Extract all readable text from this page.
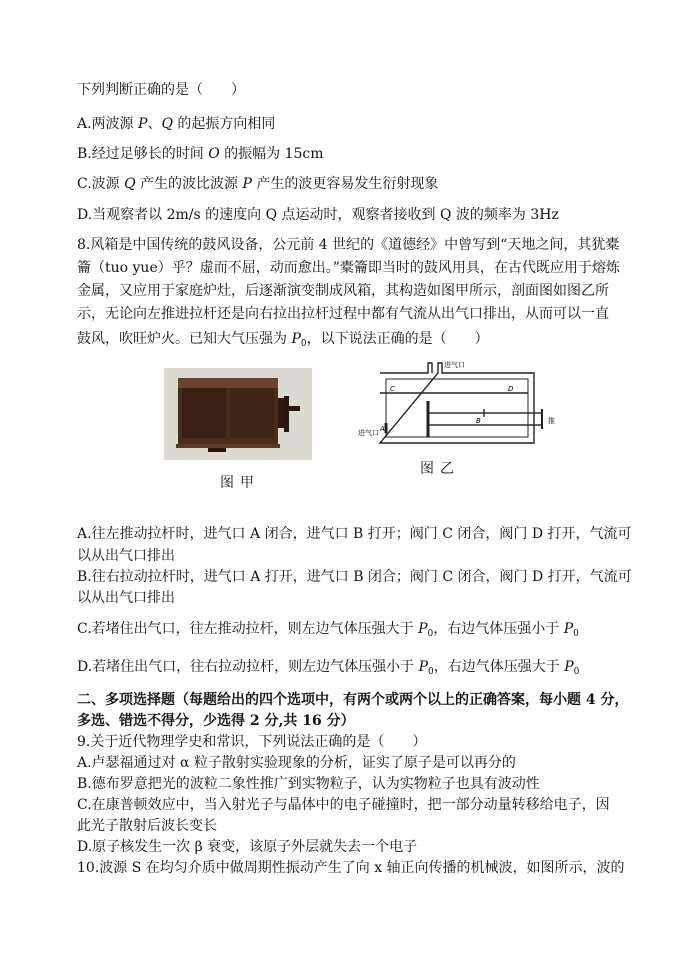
下列判断正确的是（　　）
A.两波源 P、Q 的起振方向相同
B.经过足够长的时间 O 的振幅为 15cm
C.波源 Q 产生的波比波源 P 产生的波更容易发生衍射现象
D.当观察者以 2m/s 的速度向 Q 点运动时，观察者接收到 Q 波的频率为 3Hz
8.风箱是中国传统的鼓风设备，公元前 4 世纪的《道德经》中曾写到“天地之间，其犹橐
籥（tuo yue）乎？虚而不屈，动而愈出。”橐籥即当时的鼓风用具，在古代既应用于熔炼
金属，又应用于家庭炉灶，后逐渐演变制成风箱，其构造如图甲所示，剖面图如图乙所
示，无论向左推进拉杆还是向右拉出拉杆过程中都有气流从出气口排出，从而可以一直
鼓风，吹旺炉火。已知大气压强为 $P_0$，以下说法正确的是（　　）
进气口
进气口 A
B
C	D
推
图甲
图乙
A.往左推动拉杆时，进气口 A 闭合，进气口 B 打开；阀门 C 闭合，阀门 D 打开，气流可
以从出气口排出
B.往右拉动拉杆时，进气口 A 打开，进气口 B 闭合；阀门 C 闭合，阀门 D 打开，气流可
以从出气口排出
C.若堵住出气口，往左推动拉杆，则左边气体压强大于 $P_0$，右边气体压强小于 $P_0$
D.若堵住出气口，往右拉动拉杆，则左边气体压强小于 $P_0$，右边气体压强大于 $P_0$
二、多项选择题（每题给出的四个选项中，有两个或两个以上的正确答案，每小题 4 分，
多选、错选不得分，少选得 2 分,共 16 分）
9.关于近代物理学史和常识，下列说法正确的是（　　）
A.卢瑟福通过对 α 粒子散射实验现象的分析，证实了原子是可以再分的
B.德布罗意把光的波粒二象性推广到实物粒子，认为实物粒子也具有波动性
C.在康普顿效应中，当入射光子与晶体中的电子碰撞时，把一部分动量转移给电子，因
此光子散射后波长变长
D.原子核发生一次 β 衰变，该原子外层就失去一个电子
10.波源 S 在均匀介质中做周期性振动产生了向 x 轴正向传播的机械波，如图所示，波的
